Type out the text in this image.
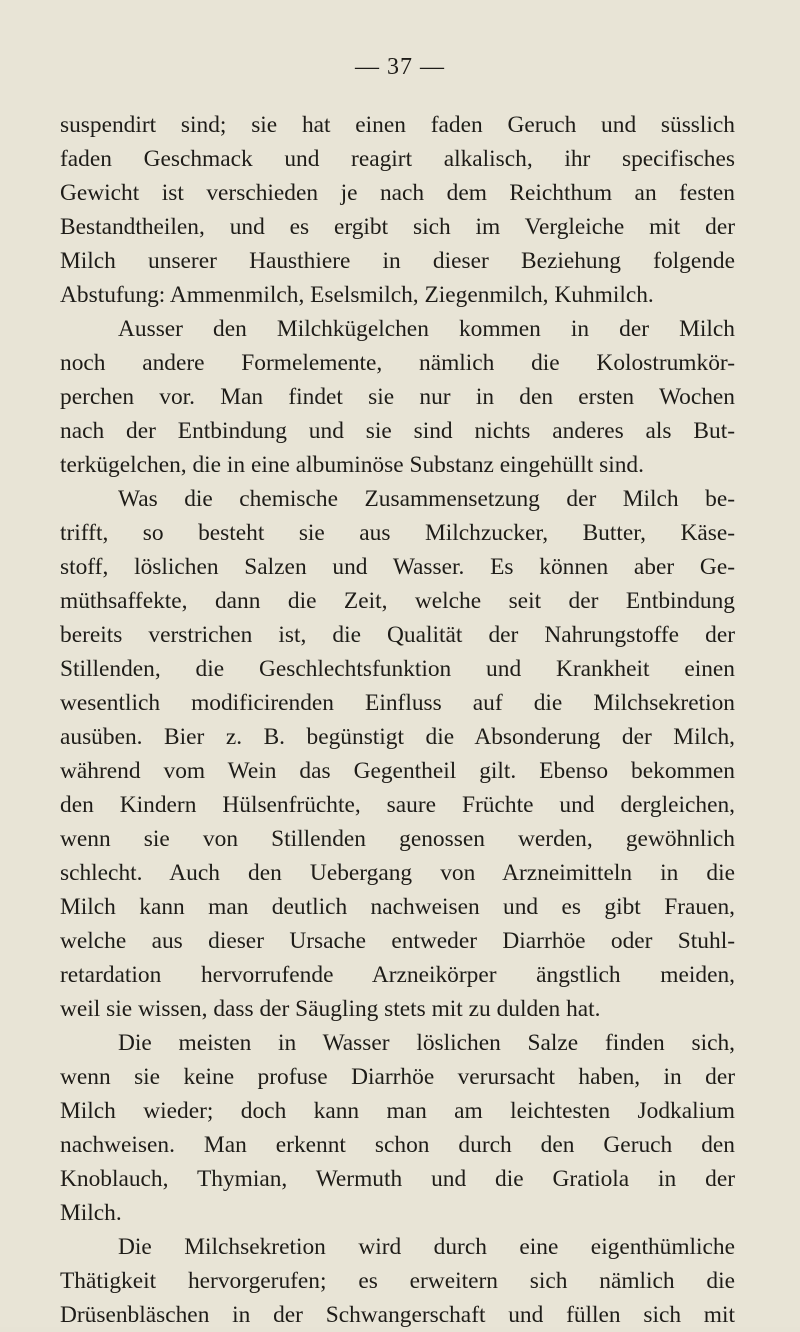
— 37 —
suspendirt sind; sie hat einen faden Geruch und süsslich
faden Geschmack und reagirt alkalisch, ihr specifisches
Gewicht ist verschieden je nach dem Reichthum an festen
Bestandtheilen, und es ergibt sich im Vergleiche mit der
Milch unserer Hausthiere in dieser Beziehung folgende
Abstufung: Ammenmilch, Eselsmilch, Ziegenmilch, Kuhmilch.
Ausser den Milchkügelchen kommen in der Milch
noch andere Formelemente, nämlich die Kolostrumkör-
perchen vor. Man findet sie nur in den ersten Wochen
nach der Entbindung und sie sind nichts anderes als But-
terkügelchen, die in eine albuminöse Substanz eingehüllt sind.
Was die chemische Zusammensetzung der Milch be-
trifft, so besteht sie aus Milchzucker, Butter, Käse-
stoff, löslichen Salzen und Wasser. Es können aber Ge-
müthsaffekte, dann die Zeit, welche seit der Entbindung
bereits verstrichen ist, die Qualität der Nahrungstoffe der
Stillenden, die Geschlechtsfunktion und Krankheit einen
wesentlich modificirenden Einfluss auf die Milchsekretion
ausüben. Bier z. B. begünstigt die Absonderung der Milch,
während vom Wein das Gegentheil gilt. Ebenso bekommen
den Kindern Hülsenfrüchte, saure Früchte und dergleichen,
wenn sie von Stillenden genossen werden, gewöhnlich
schlecht. Auch den Uebergang von Arzneimitteln in die
Milch kann man deutlich nachweisen und es gibt Frauen,
welche aus dieser Ursache entweder Diarrhöe oder Stuhl-
retardation hervorrufende Arzneikörper ängstlich meiden,
weil sie wissen, dass der Säugling stets mit zu dulden hat.
Die meisten in Wasser löslichen Salze finden sich,
wenn sie keine profuse Diarrhöe verursacht haben, in der
Milch wieder; doch kann man am leichtesten Jodkalium
nachweisen. Man erkennt schon durch den Geruch den
Knoblauch, Thymian, Wermuth und die Gratiola in der
Milch.
Die Milchsekretion wird durch eine eigenthümliche
Thätigkeit hervorgerufen; es erweitern sich nämlich die
Drüsenbläschen in der Schwangerschaft und füllen sich mit
